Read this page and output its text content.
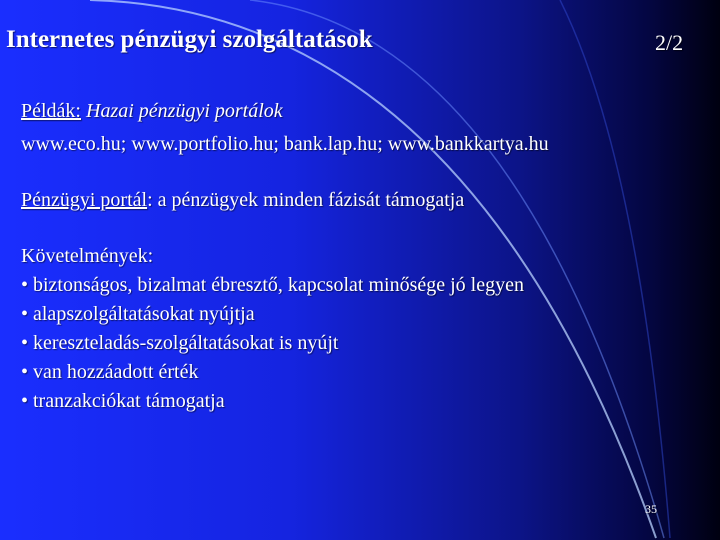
Internetes pénzügyi szolgáltatások	2/2
Példák: Hazai pénzügyi portálok
www.eco.hu; www.portfolio.hu; bank.lap.hu; www.bankkartya.hu
Pénzügyi portál: a pénzügyek minden fázisát támogatja
Követelmények:
• biztonságos, bizalmat ébresztő, kapcsolat minősége jó legyen
• alapszolgáltatásokat nyújtja
• kereszteladás-szolgáltatásokat is nyújt
• van hozzáadott érték
• tranzakciókat támogatja
35
